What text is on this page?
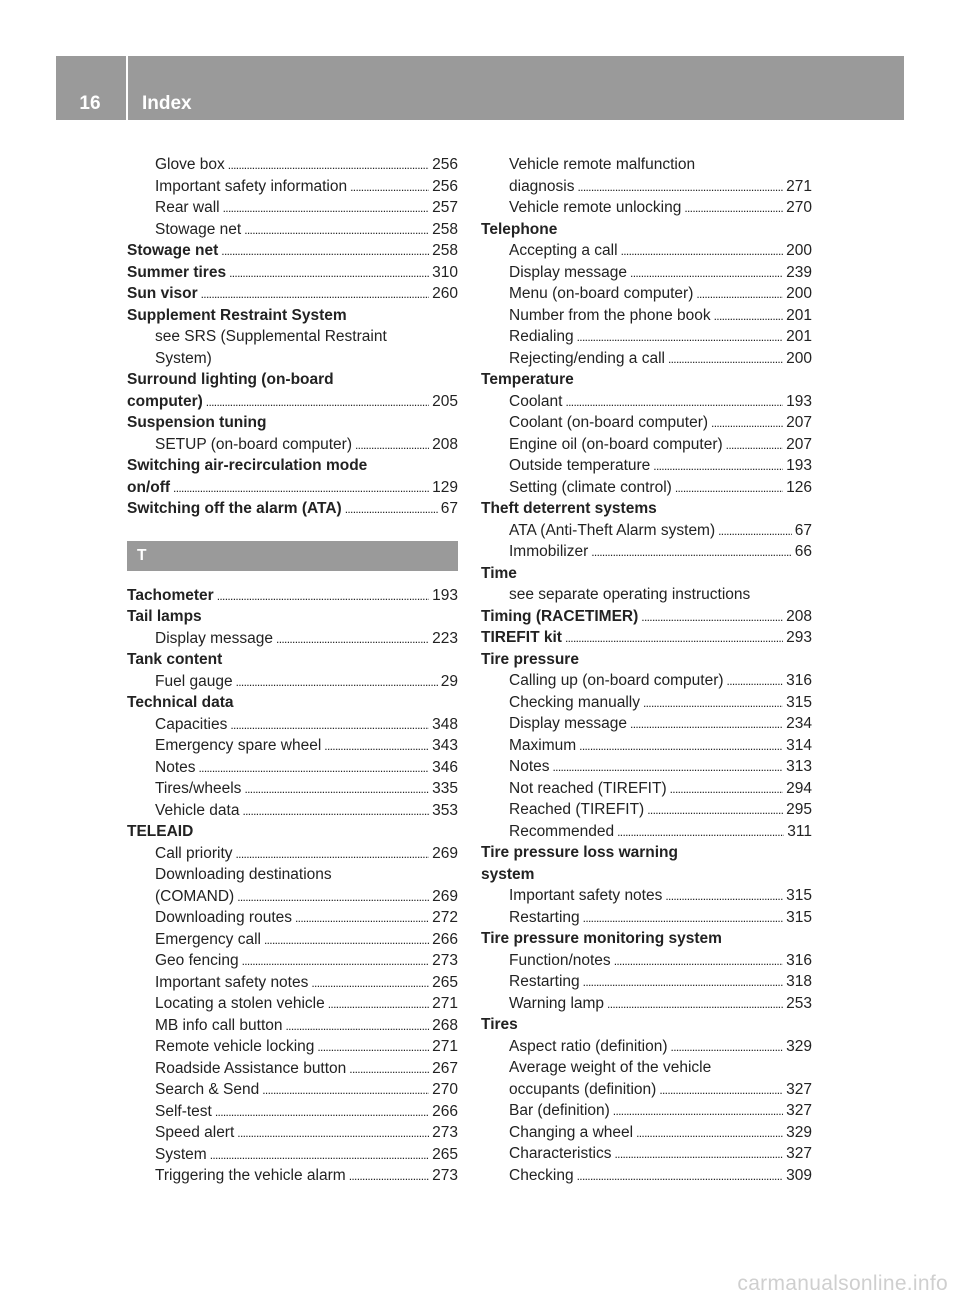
16	Index
Glove box . . .	256
Important safety information . . .	256
Rear wall . . .	257
Stowage net . . .	258
Stowage net . . .	258
Summer tires . . .	310
Sun visor . . .	260
Supplement Restraint System
see SRS (Supplemental Restraint
System)
Surround lighting (on-board
computer) . . .	205
Suspension tuning
SETUP (on-board computer) . . .	208
Switching air-recirculation mode
on/off . . .	129
Switching off the alarm (ATA) . . .	67
T
Tachometer . . .	193
Tail lamps
Display message . . .	223
Tank content
Fuel gauge . . .	29
Technical data
Capacities . . .	348
Emergency spare wheel . . .	343
Notes . . .	346
Tires/wheels . . .	335
Vehicle data . . .	353
TELEAID
Call priority . . .	269
Downloading destinations
(COMAND) . . .	269
Downloading routes . . .	272
Emergency call . . .	266
Geo fencing . . .	273
Important safety notes . . .	265
Locating a stolen vehicle . . .	271
MB info call button . . .	268
Remote vehicle locking . . .	271
Roadside Assistance button . . .	267
Search & Send . . .	270
Self-test . . .	266
Speed alert . . .	273
System . . .	265
Triggering the vehicle alarm . . .	273
Vehicle remote malfunction
diagnosis . . .	271
Vehicle remote unlocking . . .	270
Telephone
Accepting a call . . .	200
Display message . . .	239
Menu (on-board computer) . . .	200
Number from the phone book . . .	201
Redialing . . .	201
Rejecting/ending a call . . .	200
Temperature
Coolant . . .	193
Coolant (on-board computer) . . .	207
Engine oil (on-board computer) . . .	207
Outside temperature . . .	193
Setting (climate control) . . .	126
Theft deterrent systems
ATA (Anti-Theft Alarm system) . . .	67
Immobilizer . . .	66
Time
see separate operating instructions
Timing (RACETIMER) . . .	208
TIREFIT kit . . .	293
Tire pressure
Calling up (on-board computer) . . .	316
Checking manually . . .	315
Display message . . .	234
Maximum . . .	314
Notes . . .	313
Not reached (TIREFIT) . . .	294
Reached (TIREFIT) . . .	295
Recommended . . .	311
Tire pressure loss warning
system
Important safety notes . . .	315
Restarting . . .	315
Tire pressure monitoring system
Function/notes . . .	316
Restarting . . .	318
Warning lamp . . .	253
Tires
Aspect ratio (definition) . . .	329
Average weight of the vehicle
occupants (definition) . . .	327
Bar (definition) . . .	327
Changing a wheel . . .	329
Characteristics . . .	327
Checking . . .	309
carmanualsonline.info
